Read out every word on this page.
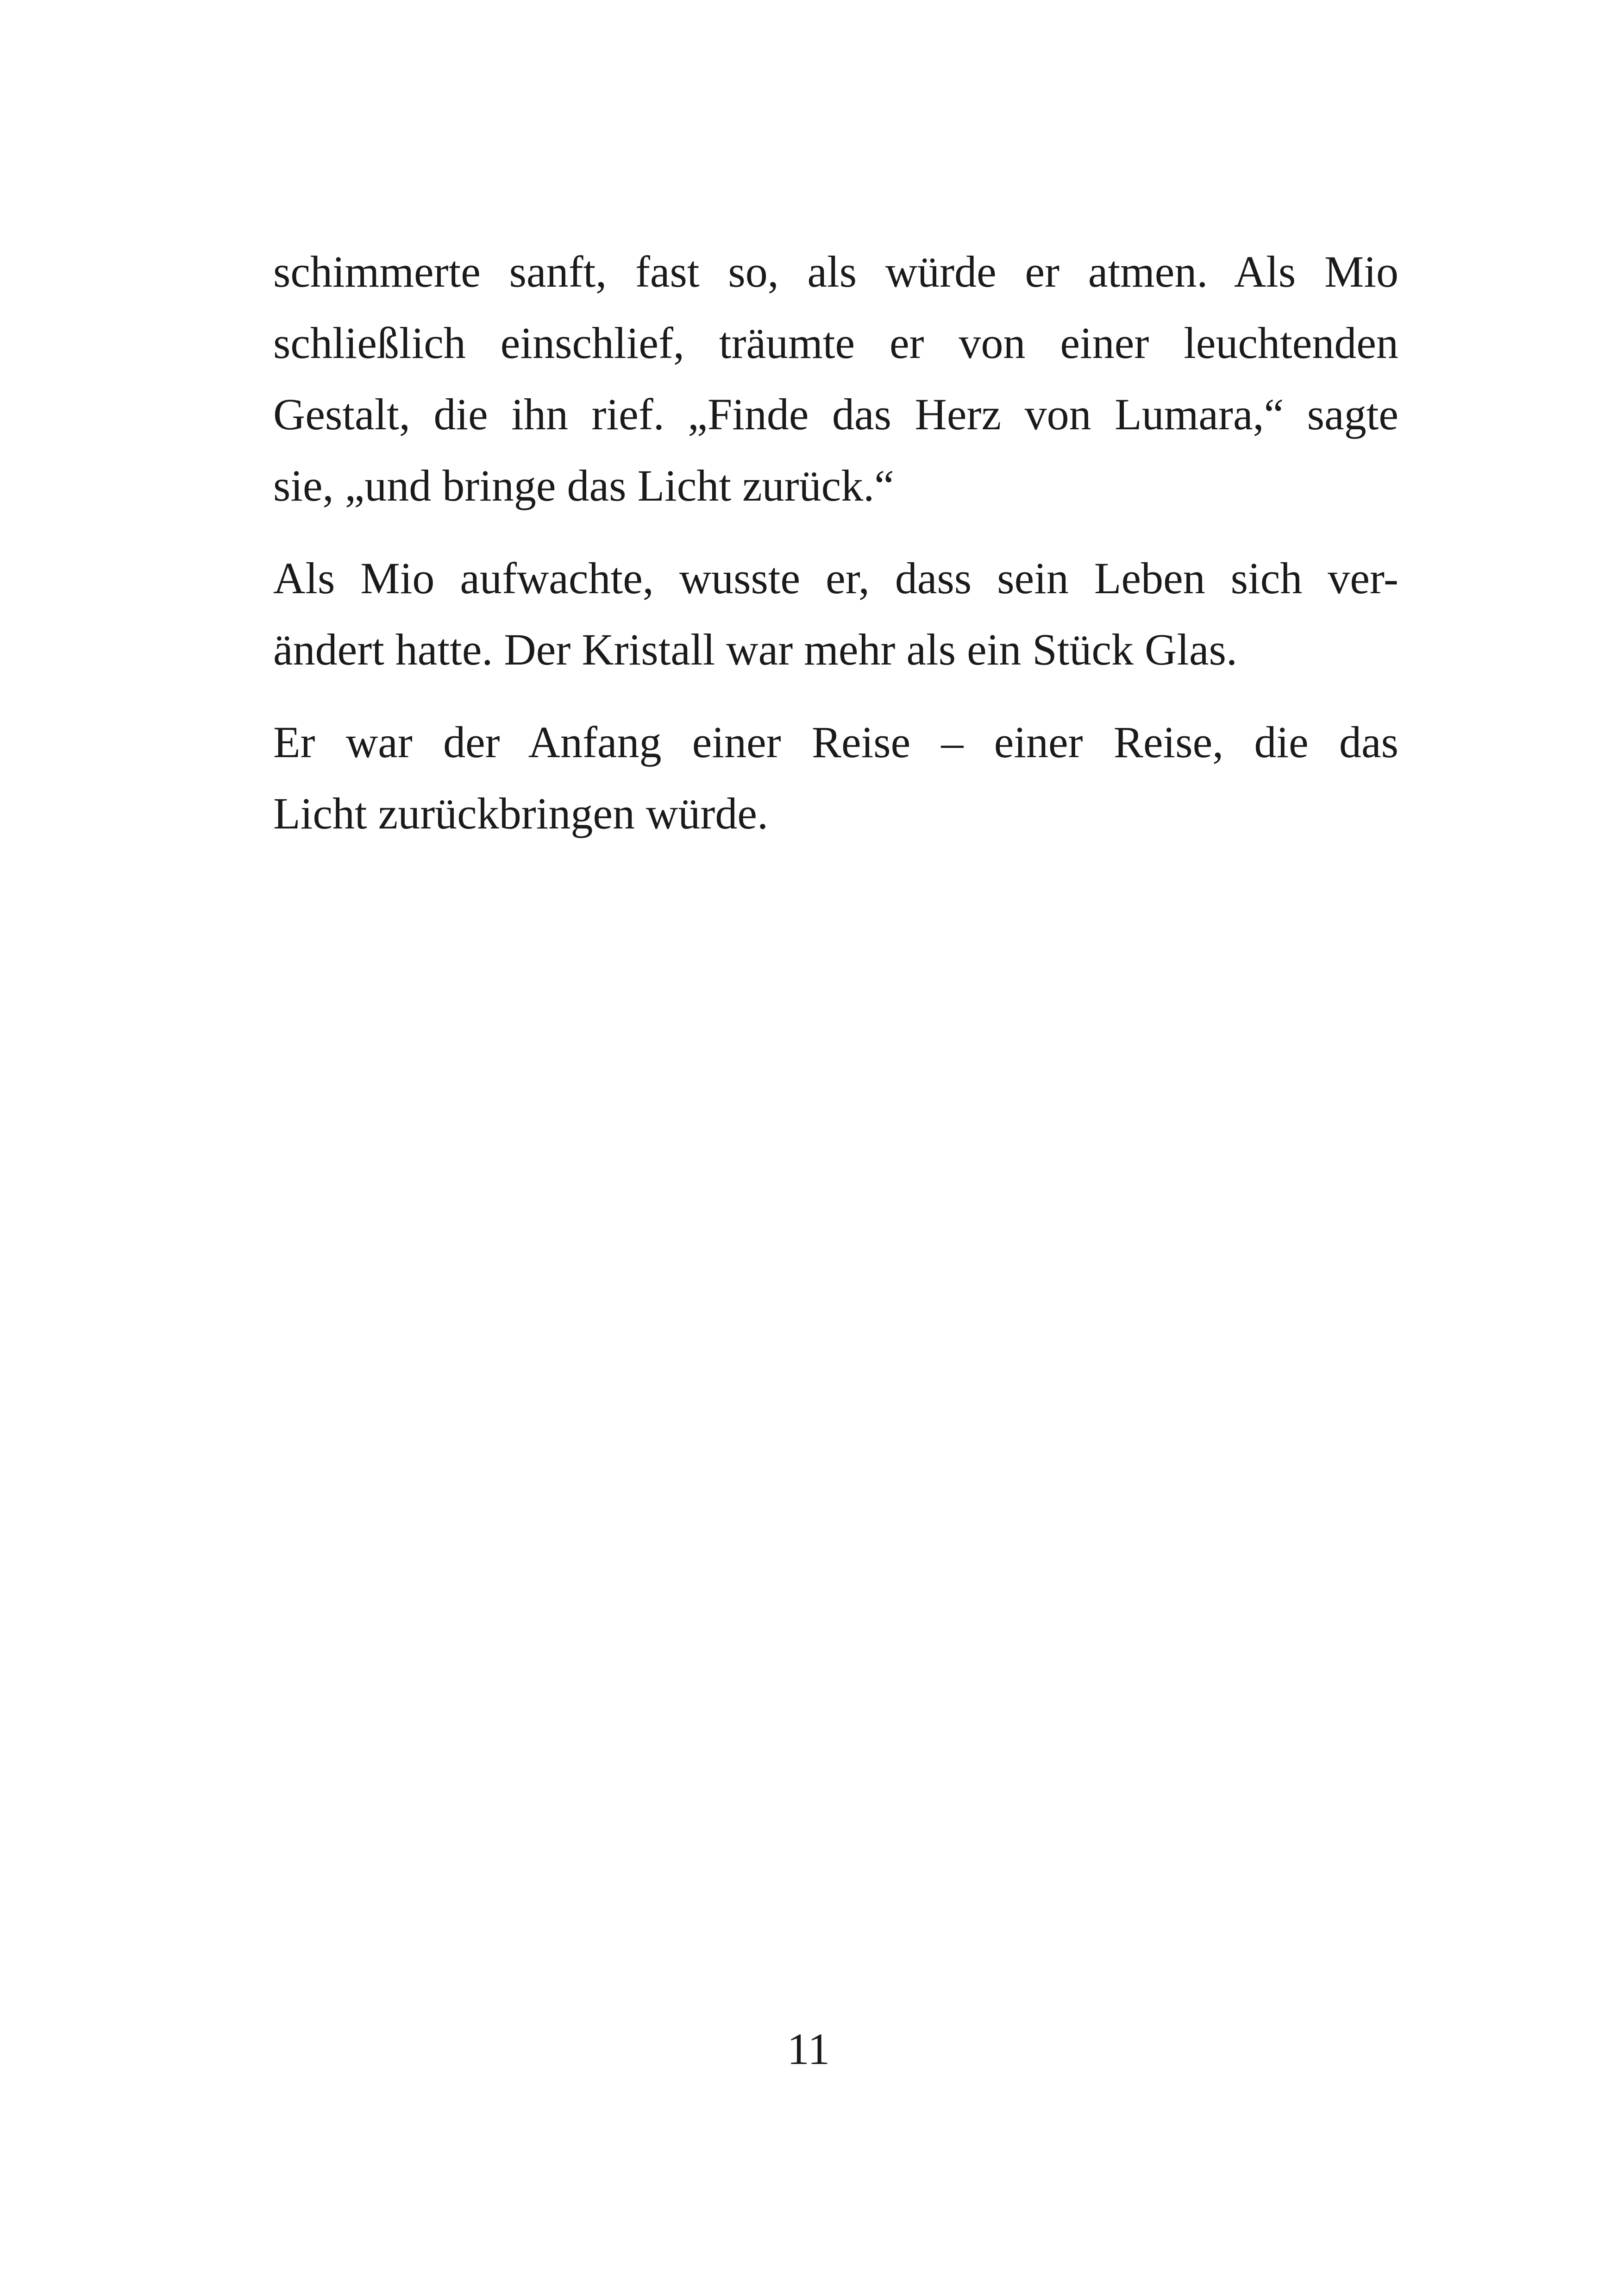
schimmerte sanft, fast so, als würde er atmen. Als Mio
schließlich einschlief, träumte er von einer leuchtenden
Gestalt, die ihn rief. „Finde das Herz von Lumara,“ sagte
sie, „und bringe das Licht zurück.“
Als Mio aufwachte, wusste er, dass sein Leben sich ver-
ändert hatte. Der Kristall war mehr als ein Stück Glas.
Er war der Anfang einer Reise – einer Reise, die das
Licht zurückbringen würde.
11
